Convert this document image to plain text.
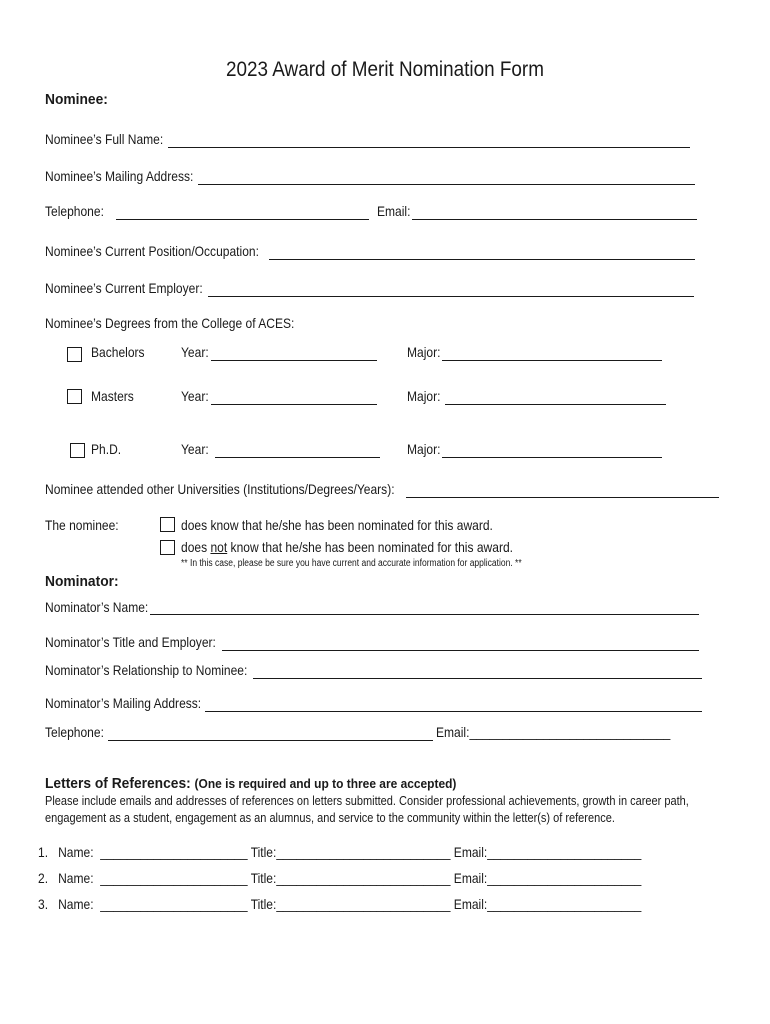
2023 Award of Merit Nomination Form
Nominee:
Nominee’s Full Name:
Nominee’s Mailing Address:
Telephone:	Email:
Nominee’s Current Position/Occupation:
Nominee’s Current Employer:
Nominee’s Degrees from the College of ACES:
Bachelors	Year:	Major:
Masters	Year:	Major:
Ph.D.	Year:	Major:
Nominee attended other Universities (Institutions/Degrees/Years):
The nominee:	does know that he/she has been nominated for this award.
does not know that he/she has been nominated for this award.
** In this case, please be sure you have current and accurate information for application. **
Nominator:
Nominator’s Name:
Nominator’s Title and Employer:
Nominator’s Relationship to Nominee:
Nominator’s Mailing Address:
Telephone:	Email:______________________________
Letters of References: (One is required and up to three are accepted)
Please include emails and addresses of references on letters submitted. Consider professional achievements, growth in career path,
engagement as a student, engagement as an alumnus, and service to the community within the letter(s) of reference.
1. Name: ______________________ Title:__________________________ Email:_______________________
2. Name: ______________________ Title:__________________________ Email:_______________________
3. Name: ______________________ Title:__________________________ Email:_______________________
